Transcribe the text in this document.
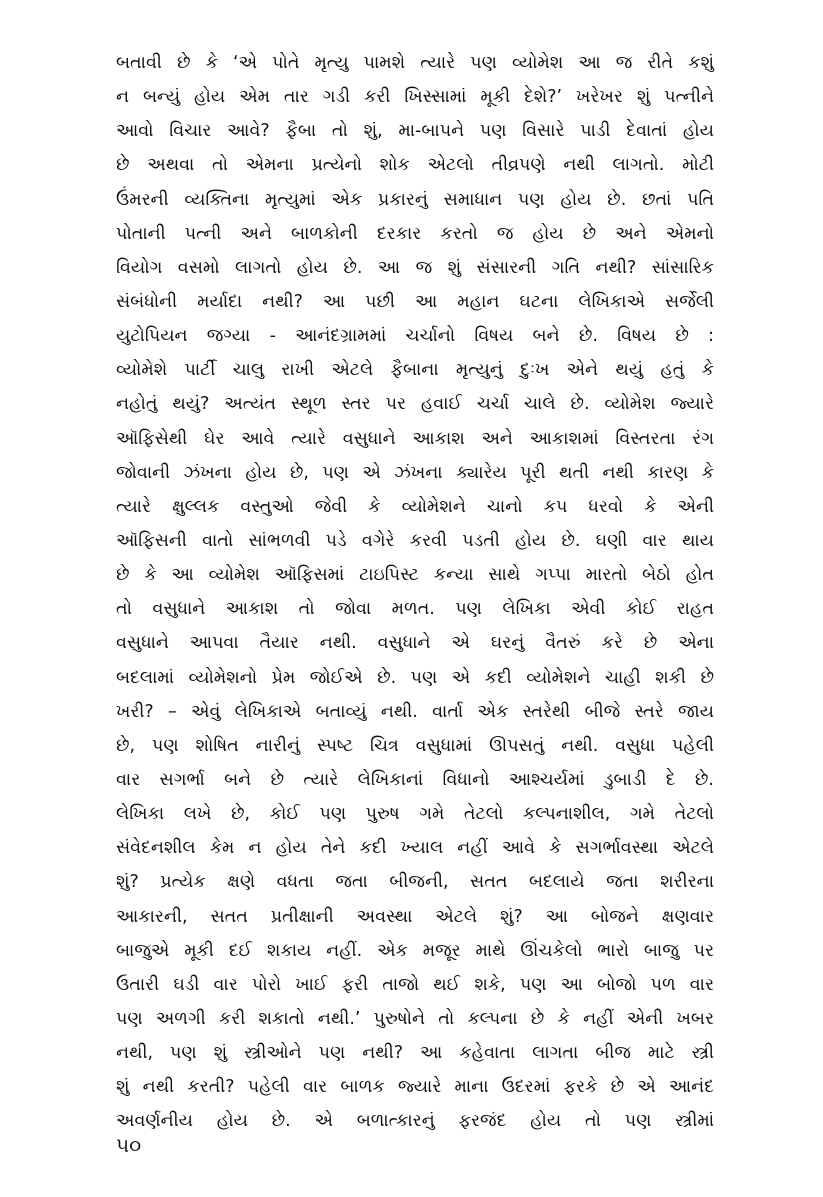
બતાવી છે કે ‘એ પોતે મૃત્યુ પામશે ત્યારે પણ વ્યોમેશ આ જ રીતે કશું
ન બન્યું હોય એમ તાર ગડી કરી ખિસ્સામાં મૂકી દેશે?’ ખરેખર શું પત્નીને
આવો વિચાર આવે? ફૈબા તો શું, મા-બાપને પણ વિસારે પાડી દેવાતાં હોય
છે અથવા તો એમના પ્રત્યેનો શોક એટલો તીવ્રપણે નથી લાગતો. મોટી
ઉંમરની વ્યક્તિના મૃત્યુમાં એક પ્રકારનું સમાધાન પણ હોય છે. છતાં પતિ
પોતાની પત્ની અને બાળકોની દરકાર કરતો જ હોય છે અને એમનો
વિયોગ વસમો લાગતો હોય છે. આ જ શું સંસારની ગતિ નથી? સાંસારિક
સંબંધોની મર્યાદા નથી? આ પછી આ મહાન ઘટના લેખિકાએ સર્જેલી
યુટોપિયન જગ્યા - આનંદગ્રામમાં ચર્ચાનો વિષય બને છે. વિષય છે :
વ્યોમેશે પાર્ટી ચાલુ રાખી એટલે ફૈબાના મૃત્યુનું દુઃખ એને થયું હતું કે
નહોતું થયું? અત્યંત સ્થૂળ સ્તર પર હવાઈ ચર્ચા ચાલે છે. વ્યોમેશ જ્યારે
ઑફિસેથી ઘેર આવે ત્યારે વસુધાને આકાશ અને આકાશમાં વિસ્તરતા રંગ
જોવાની ઝંખના હોય છે, પણ એ ઝંખના ક્યારેય પૂરી થતી નથી કારણ કે
ત્યારે ક્ષુલ્લક વસ્તુઓ જેવી કે વ્યોમેશને ચાનો કપ ધરવો કે એની
ઑફિસની વાતો સાંભળવી પડે વગેરે કરવી પડતી હોય છે. ઘણી વાર થાય
છે કે આ વ્યોમેશ ઑફિસમાં ટાઇપિસ્ટ કન્યા સાથે ગપ્પા મારતો બેઠો હોત
તો વસુધાને આકાશ તો જોવા મળત. પણ લેખિકા એવી કોઈ રાહત
વસુધાને આપવા તૈયાર નથી. વસુધાને એ ઘરનું વૈતરું કરે છે એના
બદલામાં વ્યોમેશનો પ્રેમ જોઈએ છે. પણ એ કદી વ્યોમેશને ચાહી શકી છે
ખરી? – એવું લેખિકાએ બતાવ્યું નથી. વાર્તા એક સ્તરેથી બીજે સ્તરે જાય
છે, પણ શોષિત નારીનું સ્પષ્ટ ચિત્ર વસુધામાં ઊપસતું નથી. વસુધા પહેલી
વાર સગર્ભા બને છે ત્યારે લેખિકાનાં વિધાનો આશ્ચર્યમાં ડુબાડી દે છે.
લેખિકા લખે છે, કોઈ પણ પુરુષ ગમે તેટલો કલ્પનાશીલ, ગમે તેટલો
સંવેદનશીલ કેમ ન હોય તેને કદી ખ્યાલ નહીં આવે કે સગર્ભાવસ્થા એટલે
શું? પ્રત્યેક ક્ષણે વધતા જતા બીજની, સતત બદલાયે જતા શરીરના
આકારની, સતત પ્રતીક્ષાની અવસ્થા એટલે શું? આ બોજને ક્ષણવાર
બાજુએ મૂકી દઈ શકાય નહીં. એક મજૂર માથે ઊંચકેલો ભારો બાજુ પર
ઉતારી ઘડી વાર પોરો ખાઈ ફરી તાજો થઈ શકે, પણ આ બોજો પળ વાર
પણ અળગી કરી શકાતો નથી.’ પુરુષોને તો કલ્પના છે કે નહીં એની ખબર
નથી, પણ શું સ્ત્રીઓને પણ નથી? આ કહેવાતા લાગતા બીજ માટે સ્ત્રી
શું નથી કરતી? પહેલી વાર બાળક જ્યારે માના ઉદરમાં ફરકે છે એ આનંદ
અવર્ણનીય હોય છે. એ બળાત્કારનું ફરજંદ હોય તો પણ સ્ત્રીમાં
૫૦
